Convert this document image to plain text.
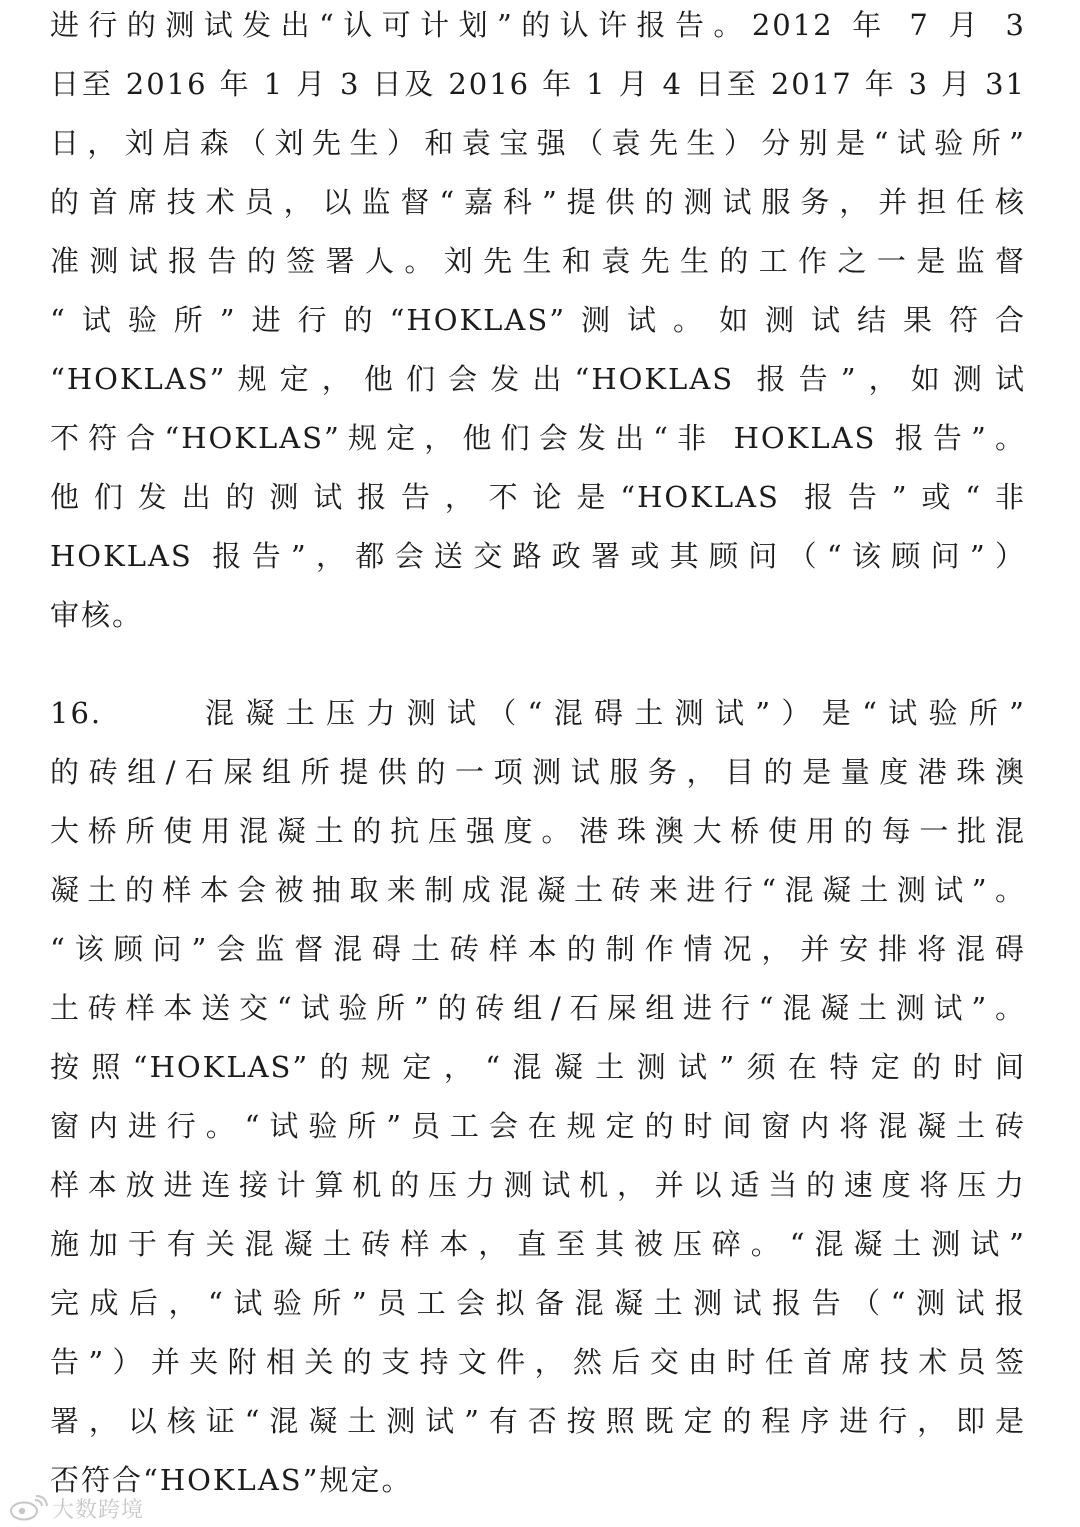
进行的测试发出“认可计划”的认许报告。2012 年 7 月 3
日至 2016 年 1 月 3 日及 2016 年 1 月 4 日至 2017 年 3 月 31
日，刘启森（刘先生）和袁宝强（袁先生）分别是“试验所”
的首席技术员，以监督“嘉科”提供的测试服务，并担任核
准测试报告的签署人。刘先生和袁先生的工作之一是监督
“试验所”进行的“HOKLAS”测试。如测试结果符合
“HOKLAS”规定，他们会发出“HOKLAS 报告”，如测试
不符合“HOKLAS”规定，他们会发出“非 HOKLAS 报告”。
他们发出的测试报告，不论是“HOKLAS 报告”或“非
HOKLAS 报告”，都会送交路政署或其顾问（“该顾问”）
审核。
16.	混凝土压力测试（“混碍土测试”）是“试验所”
的砖组/石屎组所提供的一项测试服务，目的是量度港珠澳
大桥所使用混凝土的抗压强度。港珠澳大桥使用的每一批混
凝土的样本会被抽取来制成混凝土砖来进行“混凝土测试”。
“该顾问”会监督混碍土砖样本的制作情况，并安排将混碍
土砖样本送交“试验所”的砖组/石屎组进行“混凝土测试”。
按照“HOKLAS”的规定，“混凝土测试”须在特定的时间
窗内进行。“试验所”员工会在规定的时间窗内将混凝土砖
样本放进连接计算机的压力测试机，并以适当的速度将压力
施加于有关混凝土砖样本，直至其被压碎。“混凝土测试”
完成后，“试验所”员工会拟备混凝土测试报告（“测试报
告”）并夹附相关的支持文件，然后交由时任首席技术员签
署，以核证“混凝土测试”有否按照既定的程序进行，即是
否符合“HOKLAS”规定。
大数跨境
